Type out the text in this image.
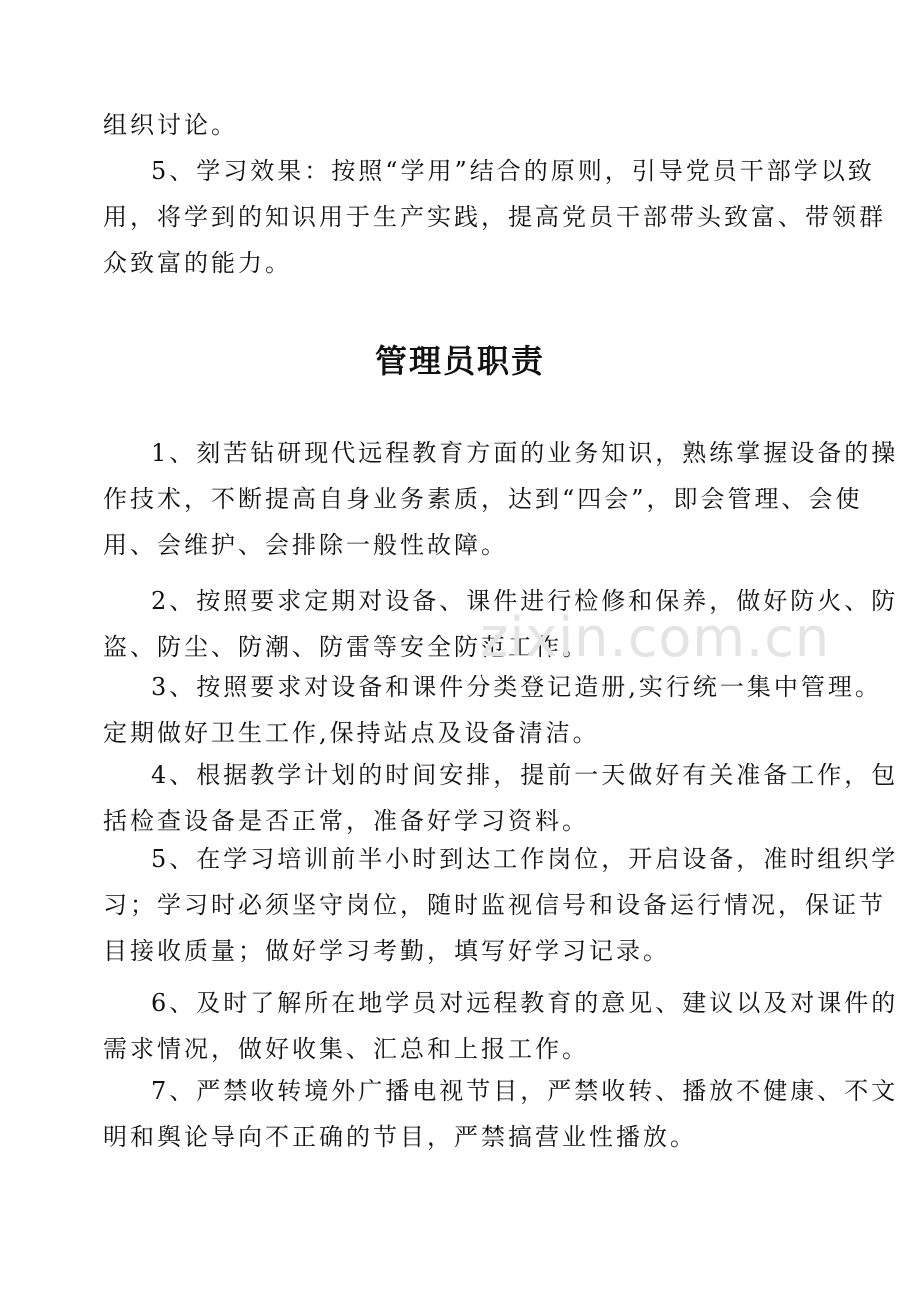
组织讨论。
5、学习效果：按照“学用”结合的原则，引导党员干部学以致
用，将学到的知识用于生产实践，提高党员干部带头致富、带领群
众致富的能力。
管理员职责
1、刻苦钻研现代远程教育方面的业务知识，熟练掌握设备的操
作技术，不断提高自身业务素质，达到“四会”，即会管理、会使
用、会维护、会排除一般性故障。
2、按照要求定期对设备、课件进行检修和保养，做好防火、防
盗、防尘、防潮、防雷等安全防范工作。
3、按照要求对设备和课件分类登记造册,实行统一集中管理。
定期做好卫生工作,保持站点及设备清洁。
4、根据教学计划的时间安排，提前一天做好有关准备工作，包
括检查设备是否正常，准备好学习资料。
5、在学习培训前半小时到达工作岗位，开启设备，准时组织学
习；学习时必须坚守岗位，随时监视信号和设备运行情况，保证节
目接收质量；做好学习考勤，填写好学习记录。
6、及时了解所在地学员对远程教育的意见、建议以及对课件的
需求情况，做好收集、汇总和上报工作。
7、严禁收转境外广播电视节目，严禁收转、播放不健康、不文
明和舆论导向不正确的节目，严禁搞营业性播放。
zixin.com.cn
